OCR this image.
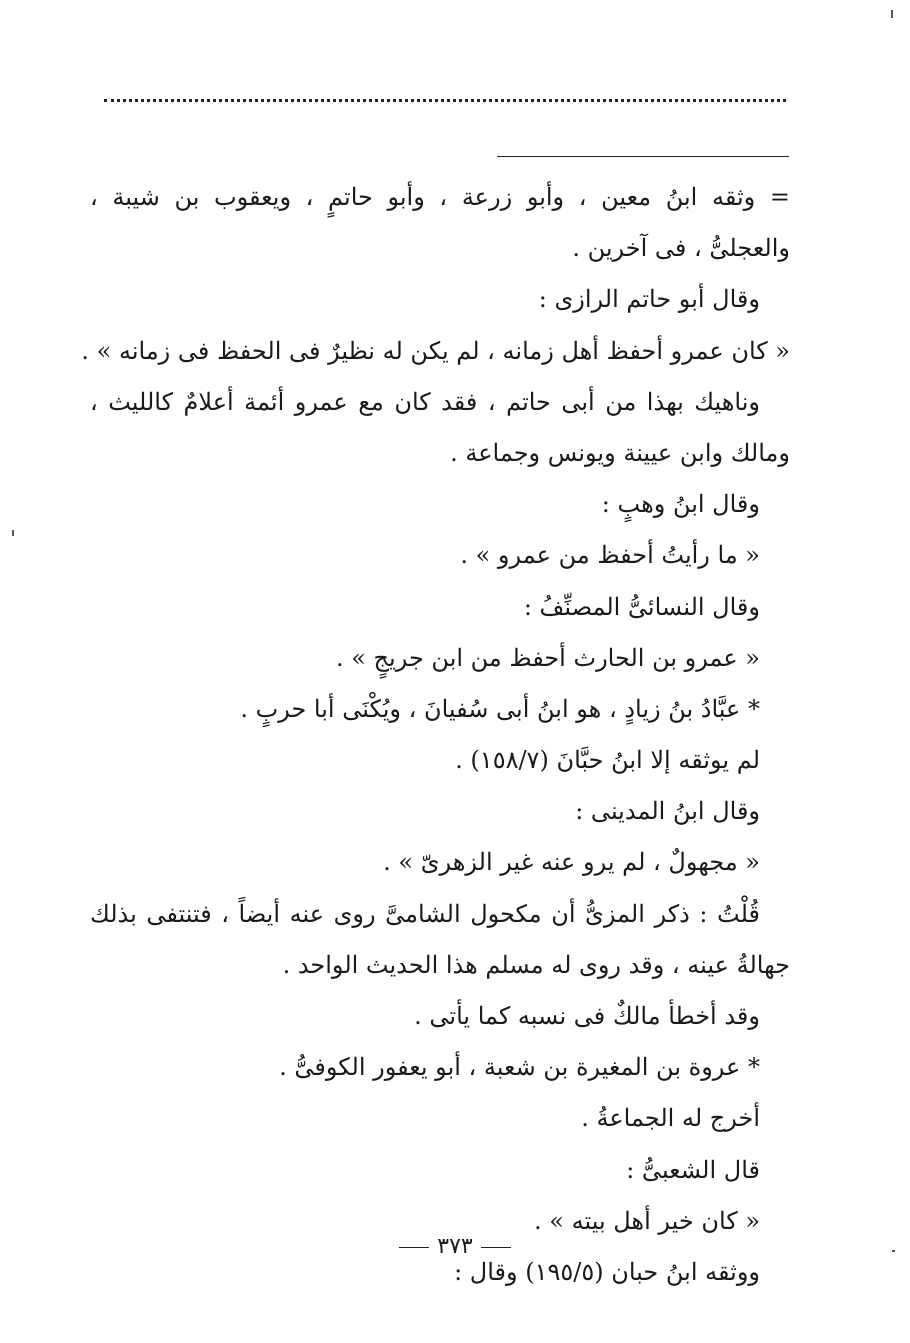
= وثقه ابنُ معين ، وأبو زرعة ، وأبو حاتمٍ ، ويعقوب بن شيبة ،
والعجلىُّ ، فى آخرين .
وقال أبو حاتم الرازى :
« كان عمرو أحفظ أهل زمانه ، لم يكن له نظيرٌ فى الحفظ فى زمانه » .
وناهيك بهذا من أبى حاتم ، فقد كان مع عمرو أئمة أعلامٌ كالليث ،
ومالك وابن عيينة ويونس وجماعة .
وقال ابنُ وهبٍ :
« ما رأيتُ أحفظ من عمرو » .
وقال النسائىُّ المصنِّفُ :
« عمرو بن الحارث أحفظ من ابن جريجٍ » .
* عبَّادُ بنُ زيادٍ ، هو ابنُ أبى سُفيانَ ، ويُكْنَى أبا حربٍ .
لم يوثقه إلا ابنُ حبَّانَ (١٥٨/٧) .
وقال ابنُ المدينى :
« مجهولٌ ، لم يرو عنه غير الزهرىّ » .
قُلْتُ : ذكر المزىُّ أن مكحول الشامىَّ روى عنه أيضاً ، فتنتفى بذلك
جهالةُ عينه ، وقد روى له مسلم هذا الحديث الواحد .
وقد أخطأ مالكٌ فى نسبه كما يأتى .
* عروة بن المغيرة بن شعبة ، أبو يعفور الكوفىُّ .
أخرج له الجماعةُ .
قال الشعبىُّ :
« كان خير أهل بيته » .
ووثقه ابنُ حبان (١٩٥/٥) وقال :
٣٧٣
